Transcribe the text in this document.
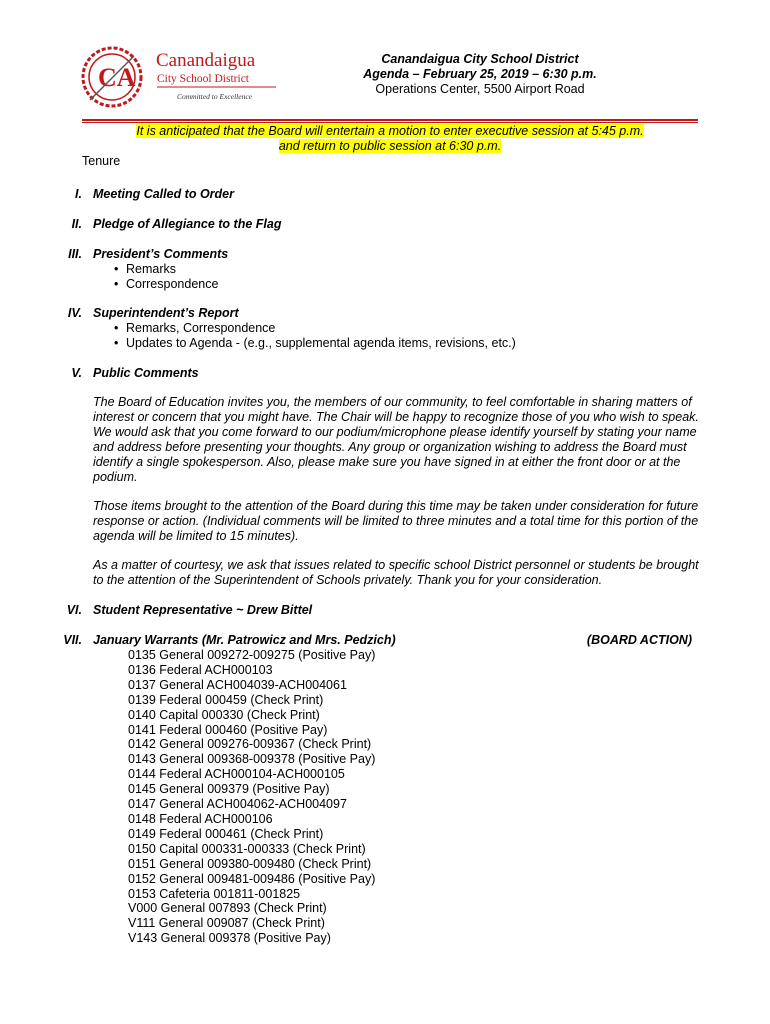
CA
Canandaigua
City School District
Committed to Excellence
Canandaigua City School District
Agenda – February 25, 2019 – 6:30 p.m.
Operations Center, 5500 Airport Road
It is anticipated that the Board will entertain a motion to enter executive session at 5:45 p.m.
and return to public session at 6:30 p.m.
Tenure
I. Meeting Called to Order
II. Pledge of Allegiance to the Flag
III. President’s Comments
• Remarks
• Correspondence
IV. Superintendent’s Report
• Remarks, Correspondence
• Updates to Agenda - (e.g., supplemental agenda items, revisions, etc.)
V. Public Comments
The Board of Education invites you, the members of our community, to feel comfortable in sharing matters of interest or concern that you might have. The Chair will be happy to recognize those of you who wish to speak. We would ask that you come forward to our podium/microphone please identify yourself by stating your name and address before presenting your thoughts. Any group or organization wishing to address the Board must identify a single spokesperson. Also, please make sure you have signed in at either the front door or at the podium.
Those items brought to the attention of the Board during this time may be taken under consideration for future response or action. (Individual comments will be limited to three minutes and a total time for this portion of the agenda will be limited to 15 minutes).
As a matter of courtesy, we ask that issues related to specific school District personnel or students be brought to the attention of the Superintendent of Schools privately. Thank you for your consideration.
VI. Student Representative ~ Drew Bittel
VII. January Warrants (Mr. Patrowicz and Mrs. Pedzich)	(BOARD ACTION)
0135 General 009272-009275 (Positive Pay)
0136 Federal ACH000103
0137 General ACH004039-ACH004061
0139 Federal 000459 (Check Print)
0140 Capital 000330 (Check Print)
0141 Federal 000460 (Positive Pay)
0142 General 009276-009367 (Check Print)
0143 General 009368-009378 (Positive Pay)
0144 Federal ACH000104-ACH000105
0145 General 009379 (Positive Pay)
0147 General ACH004062-ACH004097
0148 Federal ACH000106
0149 Federal 000461 (Check Print)
0150 Capital 000331-000333 (Check Print)
0151 General 009380-009480 (Check Print)
0152 General 009481-009486 (Positive Pay)
0153 Cafeteria 001811-001825
V000 General 007893 (Check Print)
V111 General 009087 (Check Print)
V143 General 009378 (Positive Pay)
